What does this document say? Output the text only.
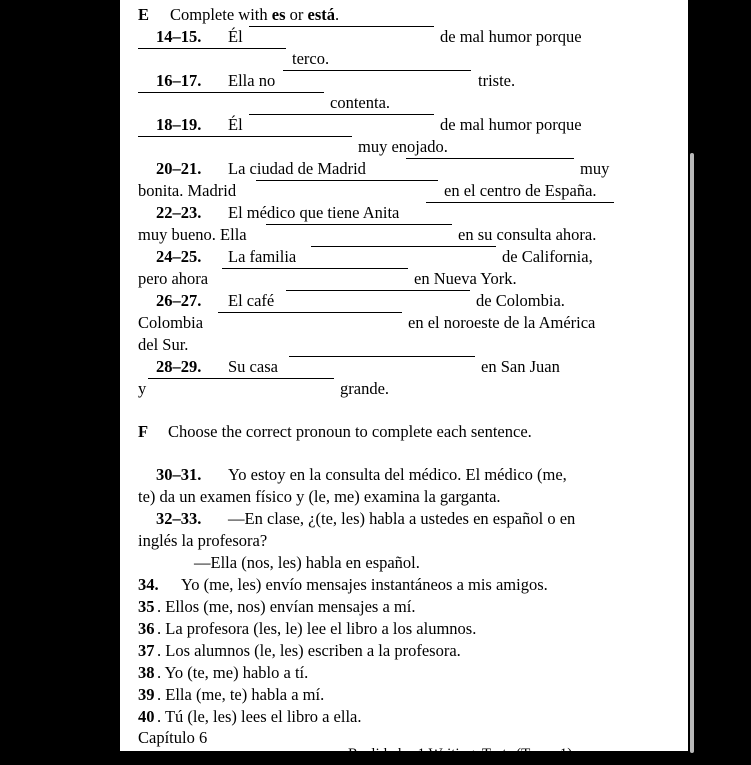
E Complete with es or está.
14–15. Él	de mal humor porque
terco.
16–17. Ella no	triste.
contenta.
18–19. Él	de mal humor porque
muy enojado.
20–21. La ciudad de Madrid	muy
bonita. Madrid	en el centro de España.
22–23. El médico que tiene Anita
muy bueno. Ella	en su consulta ahora.
24–25. La familia	de California,
pero ahora	en Nueva York.
26–27. El café	de Colombia.
Colombia	en el noroeste de la América
del Sur.
28–29. Su casa	en San Juan
y	grande.
F Choose the correct pronoun to complete each sentence.
30–31. Yo estoy en la consulta del médico. El médico (me,
te) da un examen físico y (le, me) examina la garganta.
32–33. —En clase, ¿(te, les) habla a ustedes en español o en
inglés la profesora?
—Ella (nos, les) habla en español.
34. Yo (me, les) envío mensajes instantáneos a mis amigos.
35 . Ellos (me, nos) envían mensajes a mí.
36 . La profesora (les, le) lee el libro a los alumnos.
37 . Los alumnos (le, les) escriben a la profesora.
38 . Yo (te, me) hablo a tí.
39 . Ella (me, te) habla a mí.
40 . Tú (le, les) lees el libro a ella.
Capítulo 6
Realidades 1 Writing, Tests (Tomo 1)
